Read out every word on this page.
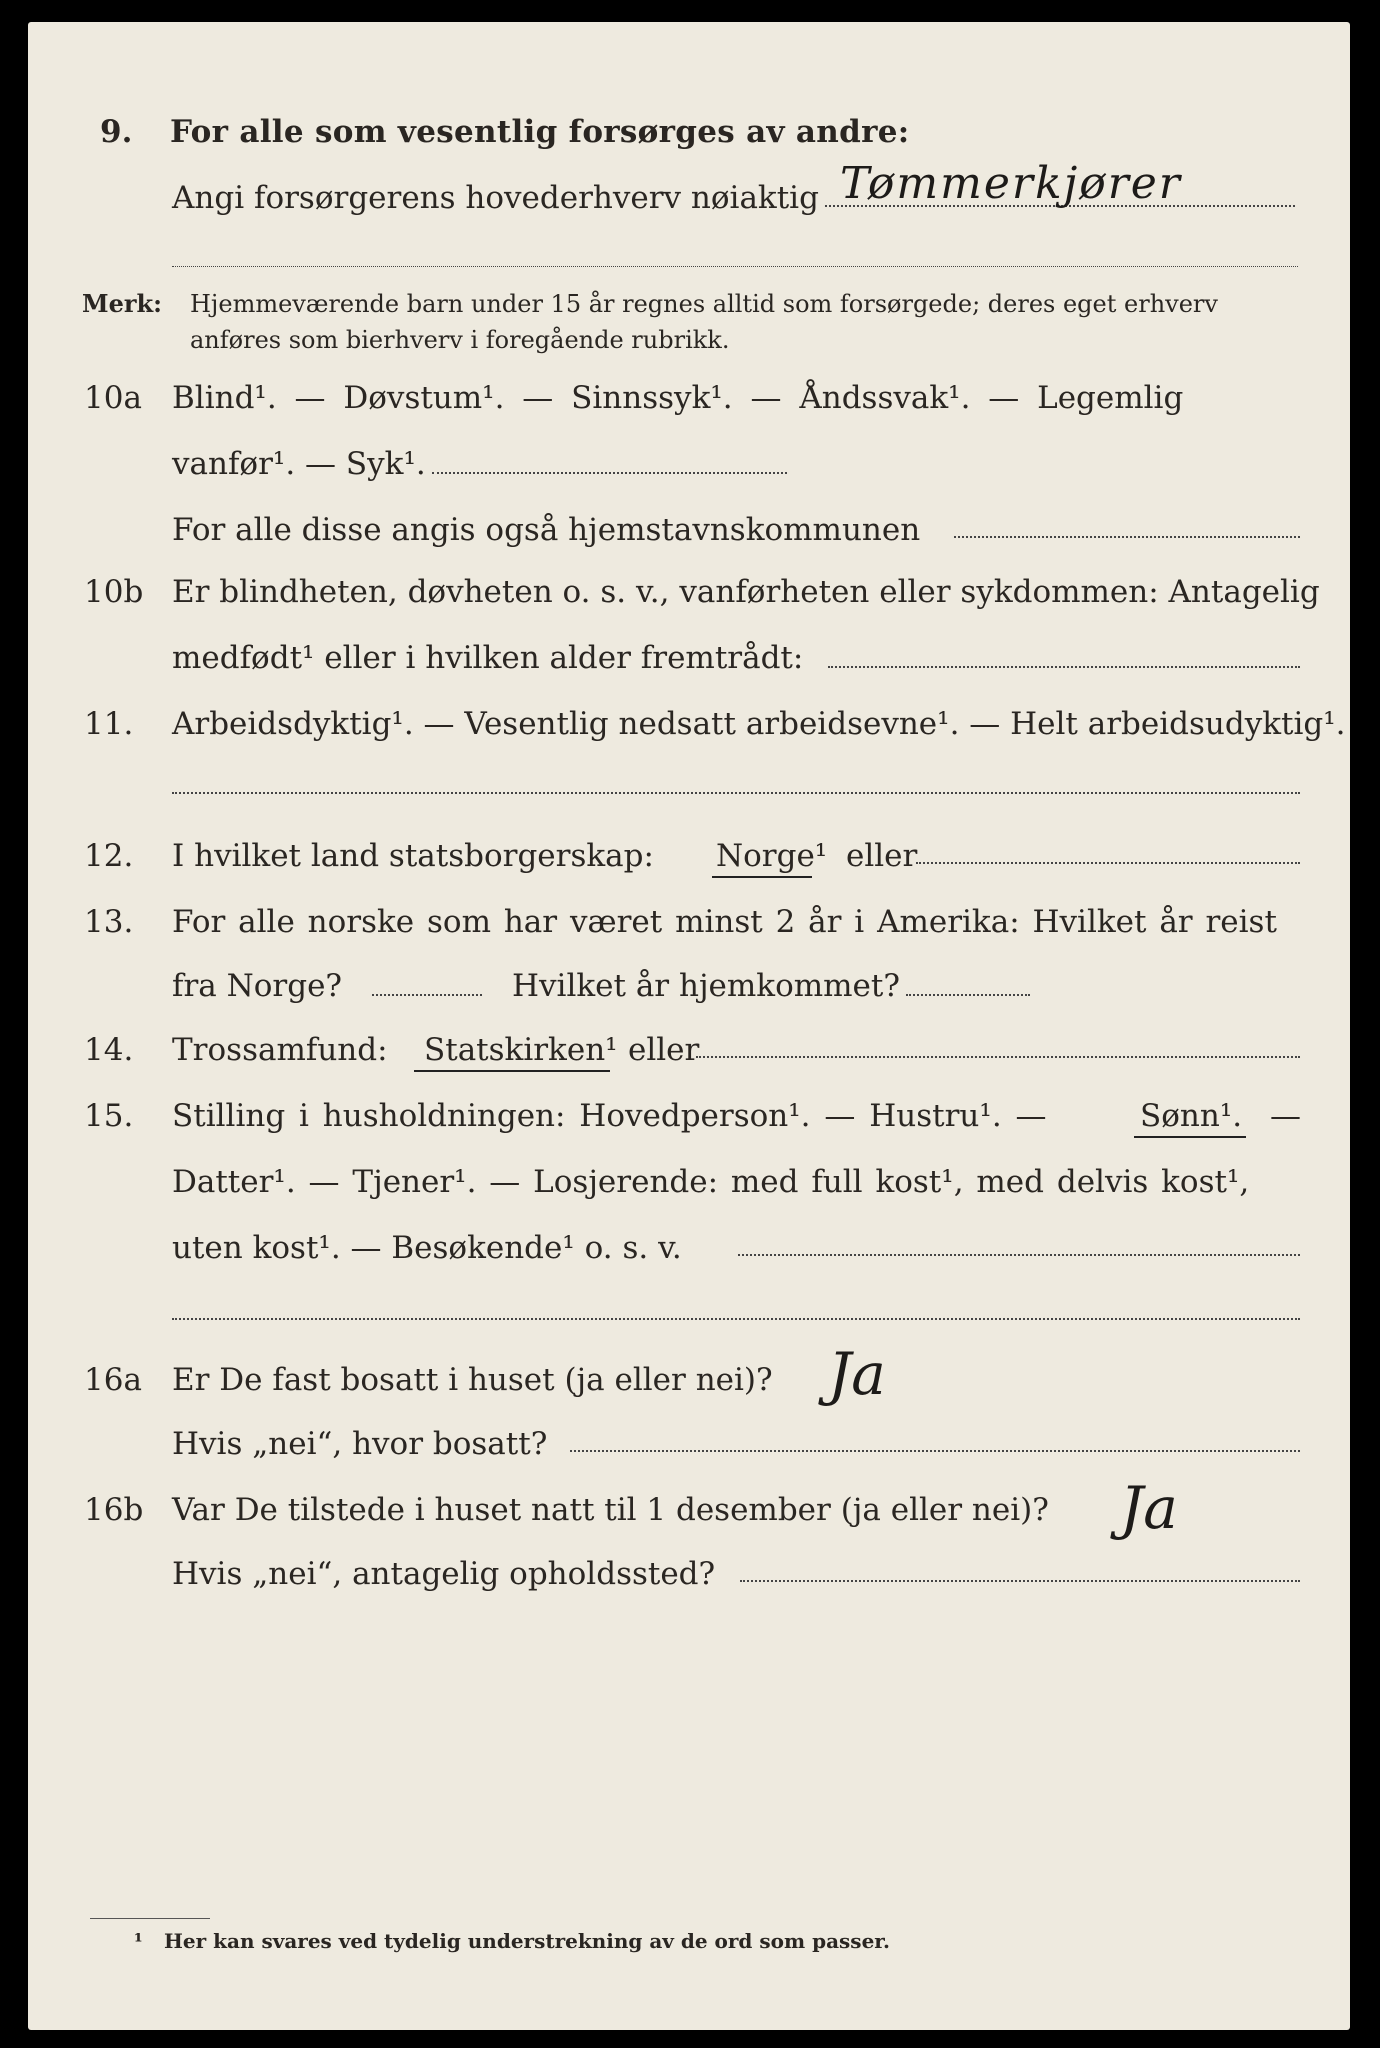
9. For alle som vesentlig forsørges av andre:
Angi forsørgerens hovederhverv nøiaktig Tømmerkjører
Merk: Hjemmeværende barn under 15 år regnes alltid som forsørgede; deres eget erhverv
anføres som bierhverv i foregående rubrikk.
10a Blind¹. — Døvstum¹. — Sinnssyk¹. — Åndssvak¹. — Legemlig
vanfør¹. — Syk¹.
For alle disse angis også hjemstavnskommunen
10b Er blindheten, døvheten o. s. v., vanførheten eller sykdommen: Antagelig
medfødt¹ eller i hvilken alder fremtrådt:
11. Arbeidsdyktig¹. — Vesentlig nedsatt arbeidsevne¹. — Helt arbeidsudyktig¹.
12. I hvilket land statsborgerskap: Norge¹ eller
13. For alle norske som har været minst 2 år i Amerika: Hvilket år reist
fra Norge?	Hvilket år hjemkommet?
14. Trossamfund: Statskirken¹ eller
15. Stilling i husholdningen: Hovedperson¹. — Hustru¹. —	Sønn¹. —
Datter¹. — Tjener¹. — Losjerende: med full kost¹, med delvis kost¹,
uten kost¹. — Besøkende¹ o. s. v.
16a Er De fast bosatt i huset (ja eller nei)? Ja
Hvis „nei“, hvor bosatt?
16b Var De tilstede i huset natt til 1 desember (ja eller nei)? Ja
Hvis „nei“, antagelig opholdssted?
¹ Her kan svares ved tydelig understrekning av de ord som passer.
